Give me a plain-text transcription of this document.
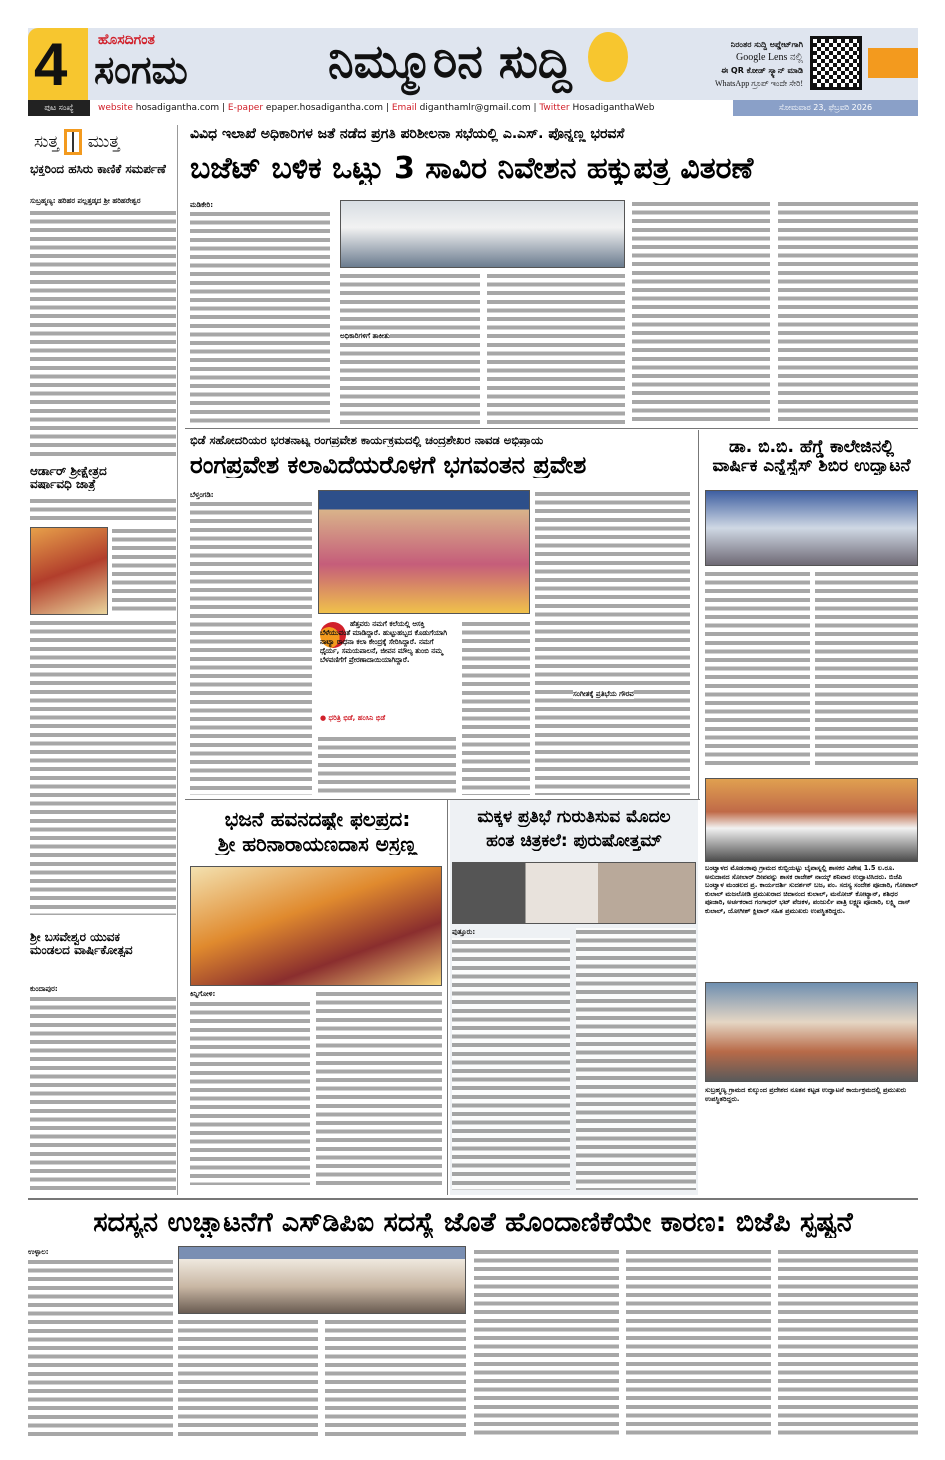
4 ಹೊಸದಿಗಂತ
ಸಂಗಮ	ನಿಮ್ಮೂರಿನ ಸುದ್ದಿ	ನಿರಂತರ ಸುದ್ದಿ ಅಪ್ಡೇಟ್‌ಗಾಗಿ
Google Lens ನಲ್ಲಿ
ಈ QR ಕೋಡ್ ಸ್ಕ್ಯಾನ್ ಮಾಡಿ
WhatsApp ಗ್ರೂಪ್ ಇಂದೇ ಸೇರಿ!
ಪುಟ ಸಂಖ್ಯೆ	website hosadigantha.com | E-paper epaper.hosadigantha.com | Email diganthamlr@gmail.com | Twitter HosadiganthaWeb	ಸೋಮವಾರ 23, ಫೆಬ್ರವರಿ 2026
ಸುತ್ತ ಮುತ್ತ
ಭಕ್ತರಿಂದ ಹಸಿರು ಕಾಣಿಕೆ ಸಮರ್ಪಣೆ
ಸುಬ್ರಹ್ಮಣ್ಯ: ಹರಿಹರ ಪಲ್ಲತ್ತಡ್ಕದ ಶ್ರೀ ಹರಿಹರೇಶ್ವರ
ಆರ್ಡಾರ್ ಶ್ರೀಕ್ಷೇತ್ರದ ವರ್ಷಾವಧಿ ಜಾತ್ರೆ
ಶ್ರೀ ಬಸವೇಶ್ವರ ಯುವಕ ಮಂಡಲದ ವಾರ್ಷಿಕೋತ್ಸವ
ಕುಂದಾಪುರ:
ವಿವಿಧ ಇಲಾಖೆ ಅಧಿಕಾರಿಗಳ ಜತೆ ನಡೆದ ಪ್ರಗತಿ ಪರಿಶೀಲನಾ ಸಭೆಯಲ್ಲಿ ಎ.ಎಸ್. ಪೊನ್ನಣ್ಣ ಭರವಸೆ
ಬಜೆಟ್ ಬಳಿಕ ಒಟ್ಟು 3 ಸಾವಿರ ನಿವೇಶನ ಹಕ್ಕುಪತ್ರ ವಿತರಣೆ
ಮಡಿಕೇರಿ:
ಅಧಿಕಾರಿಗಳಿಗೆ ತಾಕೀತು
ಭಿಡೆ ಸಹೋದರಿಯರ ಭರತನಾಟ್ಯ ರಂಗಪ್ರವೇಶ ಕಾರ್ಯಕ್ರಮದಲ್ಲಿ ಚಂದ್ರಶೇಖರ ನಾವಡ ಅಭಿಪ್ರಾಯ
ರಂಗಪ್ರವೇಶ ಕಲಾವಿದೆಯರೊಳಗೆ ಭಗವಂತನ ಪ್ರವೇಶ
ಬೆಳ್ತಂಗಡಿ:
ಹೆತ್ತವರು ನಮಗೆ ಕಲೆಯಲ್ಲಿ ಆಸಕ್ತಿ ಬೆಳೆಯುವಂತೆ ಮಾಡಿದ್ದಾರೆ. ಹುಟ್ಟುಹಬ್ಬದ ಕೊಡುಗೆಯಾಗಿ ನಾಟ್ಯಾ ರಾಧನಾ ಕಲಾ ಕೇಂದ್ರಕ್ಕೆ ಸೇರಿಸಿದ್ದಾರೆ. ನಮಗೆ ಧೈರ್ಯ, ಸಮಯಪಾಲನೆ, ಜೀವನ ಮೌಲ್ಯ ತುಂಬಿ ನಮ್ಮ ಬೆಳವಣಿಗೆಗೆ ಪ್ರೇರಣಾದಾಯಿಯಾಗಿದ್ದಾರೆ.
● ಧರಿತ್ರಿ ಭಿಡೆ, ಹಂಸಿನಿ ಭಿಡೆ
ಸಂಗೀತಕ್ಕೆ ಪ್ರತಿಭೆಯ ಗೌರವ
ಡಾ. ಬಿ.ಬಿ. ಹೆಗ್ಡೆ ಕಾಲೇಜಿನಲ್ಲಿ ವಾರ್ಷಿಕ ಎನ್ನೆಸ್ಸೆಸ್ ಶಿಬಿರ ಉದ್ಘಾಟನೆ
ಭಜನೆ ಹವನದಷ್ಟೇ ಫಲಪ್ರದ:
ಶ್ರೀ ಹರಿನಾರಾಯಣದಾಸ ಅಸ್ರಣ್ಣ
ಕಿನ್ನಿಗೋಳಿ:
ಮಕ್ಕಳ ಪ್ರತಿಭೆ ಗುರುತಿಸುವ ಮೊದಲ
ಹಂತ ಚಿತ್ರಕಲೆ: ಪುರುಷೋತ್ತಮ್
ಪುತ್ತೂರು:
ಬಂಟ್ವಾಳದ ಮೊಡಂಕಾಪು ಗ್ರಾಮದ ಕುಬ್ಬಿಯಟ್ಟು ಬೈಪಾಸ್ನಲ್ಲಿ ಶಾಸಕರ ವಿಶೇಷ 1.5 ಲ.ರೂ. ಅನುದಾನದ ಸೋಲಾರ್ ದೀಪವನ್ನು ಶಾಸಕ ರಾಜೇಶ್ ನಾಯ್ಕ್ ಶನಿವಾರ ಉದ್ಘಾಟಿಸಿದರು. ಬಿಜೆಪಿ ಬಂಟ್ವಾಳ ಮಂಡಲದ ಪ್ರ. ಕಾರ್ಯದರ್ಶಿ ಸುದರ್ಶನ್ ಬಜ, ಪಂ. ಸದಸ್ಯ ಸಂದೇಶ ಪೂಜಾರಿ, ಗೋಪಾಲ್ ಕುಲಾಲ್ ಮಜಲೋಡಿ ಪ್ರಮುಖರಾದ ಚಿದಾನಂದ ಕುಲಾಲ್, ಮನೋಜ್ ಕೋಟ್ಯಾನ್, ಶಶಿಧರ ಪೂಜಾರಿ, ಅರ್ಚಕರಾದ ಗಂಗಾಧರ್ ಭಟ್ ಪೆಜಕಳ, ಪಂಜುರ್ಲಿ ಪಾತ್ರಿ ಲಕ್ಷ್ಮಣ ಪೂಜಾರಿ, ಲಕ್ಷ್ಮಿ ದಾಸ್ ಕುಲಾಲ್, ಯೋಗೀಶ್ ಕ್ಲಿಟಾರ್ ಸಹಿತ ಪ್ರಮುಖರು ಉಪಸ್ಥಿತರಿದ್ದರು.
ಸುಬ್ರಹ್ಮಣ್ಯ ಗ್ರಾಮದ ಕುಲ್ಕುಂದ ಪ್ರದೇಶದ ನೂತನ ಕಟ್ಟಡ ಉದ್ಘಾಟನೆ ಕಾರ್ಯಕ್ರಮದಲ್ಲಿ ಪ್ರಮುಖರು ಉಪಸ್ಥಿತರಿದ್ದರು.
ಸದಸ್ಯನ ಉಚ್ಚಾಟನೆಗೆ ಎಸ್‌ಡಿಪಿಐ ಸದಸ್ಯೆ ಜೊತೆ ಹೊಂದಾಣಿಕೆಯೇ ಕಾರಣ: ಬಿಜೆಪಿ ಸ್ಪಷ್ಟನೆ
ಉಳ್ಳಾಲ:
